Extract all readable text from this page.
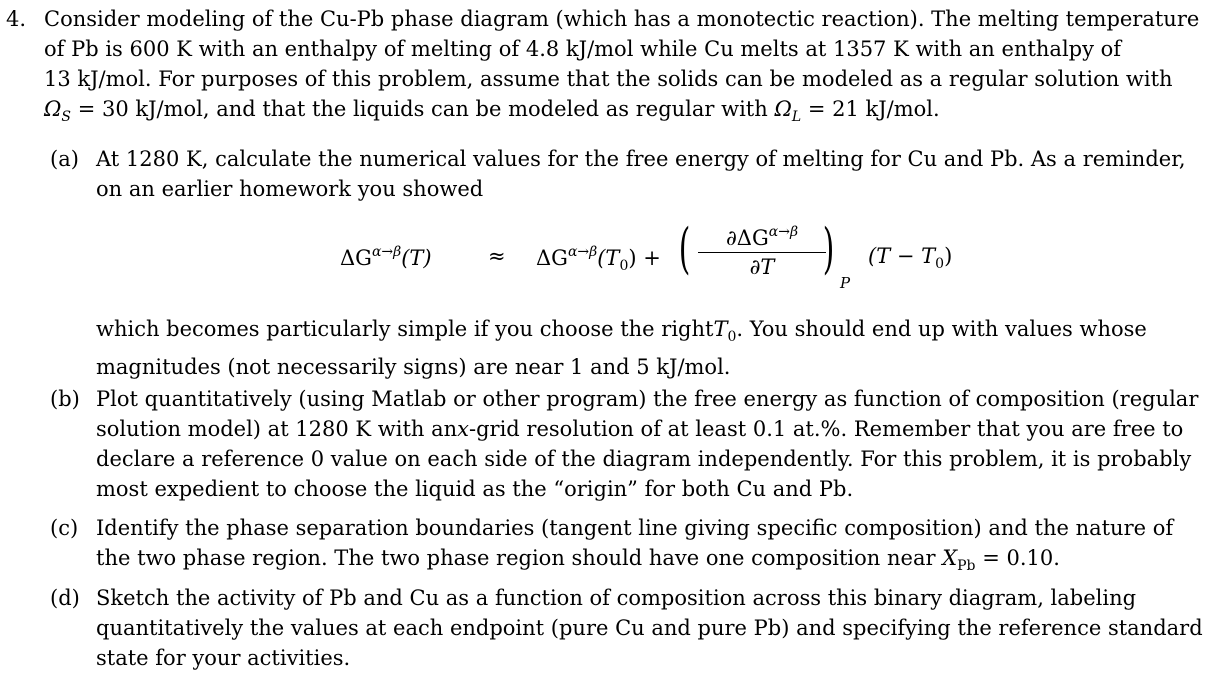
4. Consider modeling of the Cu-Pb phase diagram (which has a monotectic reaction). The melting temperature
of Pb is 600 K with an enthalpy of melting of 4.8 kJ/mol while Cu melts at 1357 K with an enthalpy of
13 kJ/mol. For purposes of this problem, assume that the solids can be modeled as a regular solution with
$\Omega_S = 30$ kJ/mol, and that the liquids can be modeled as regular with $\Omega_L = 21$ kJ/mol.
(a) At 1280 K, calculate the numerical values for the free energy of melting for Cu and Pb. As a reminder,
on an earlier homework you showed
$\Delta G^{\alpha\to\beta}(T)$	≈ $\Delta G^{\alpha\to\beta}(T_0)$ + (	$\partial\Delta G^{\alpha\to\beta}$
∂T )
P
$(T - T_0)$
which becomes particularly simple if you choose the rightT0. You should end up with values whose
magnitudes (not necessarily signs) are near 1 and 5 kJ/mol.
(b) Plot quantitatively (using Matlab or other program) the free energy as function of composition (regular
solution model) at 1280 K with anx-grid resolution of at least 0.1 at.%. Remember that you are free to
declare a reference 0 value on each side of the diagram independently. For this problem, it is probably
most expedient to choose the liquid as the “origin” for both Cu and Pb.
(c) Identify the phase separation boundaries (tangent line giving specific composition) and the nature of
the two phase region. The two phase region should have one composition near $X_{Pb} = 0.10$.
(d) Sketch the activity of Pb and Cu as a function of composition across this binary diagram, labeling
quantitatively the values at each endpoint (pure Cu and pure Pb) and specifying the reference standard
state for your activities.
